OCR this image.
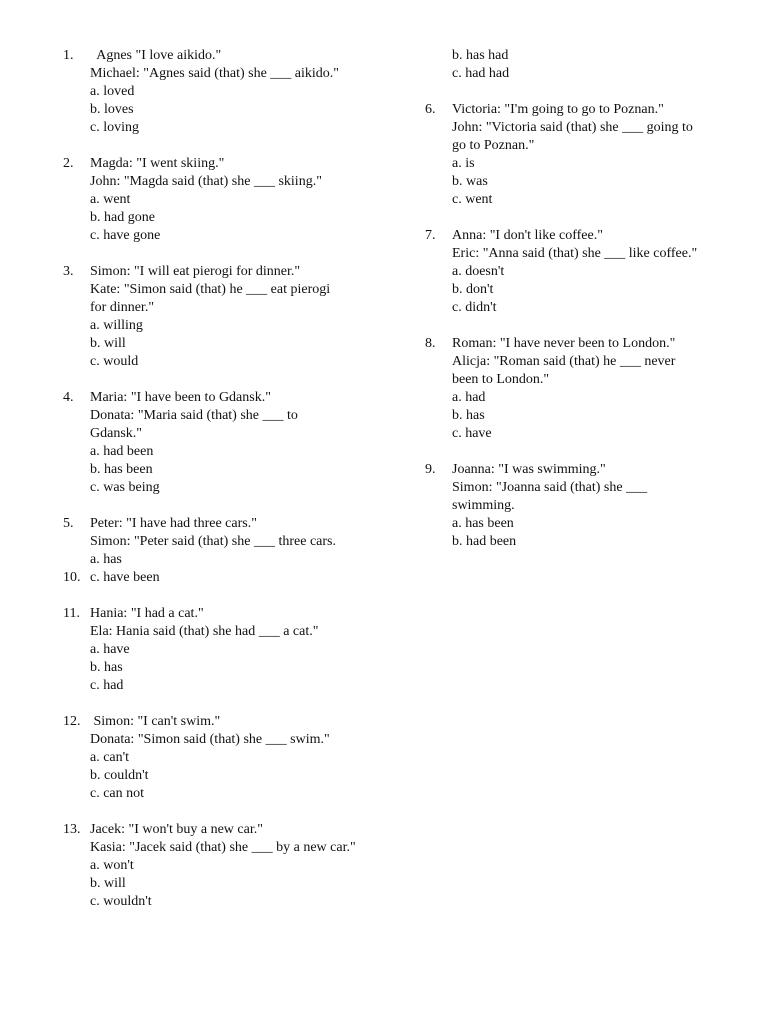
1. Agnes "I love aikido."
Michael: "Agnes said (that) she ___ aikido."
a. loved
b. loves
c. loving
2. Magda: "I went skiing."
John: "Magda said (that) she ___ skiing."
a. went
b. had gone
c. have gone
3. Simon: "I will eat pierogi for dinner."
Kate: "Simon said (that) he ___ eat pierogi
for dinner."
a. willing
b. will
c. would
4. Maria: "I have been to Gdansk."
Donata: "Maria said (that) she ___ to
Gdansk."
a. had been
b. has been
c. was being
5. Peter: "I have had three cars."
Simon: "Peter said (that) she ___ three cars.
a. has
10. c. have been
11. Hania: "I had a cat."
Ela: Hania said (that) she had ___ a cat."
a. have
b. has
c. had
12. Simon: "I can't swim."
Donata: "Simon said (that) she ___ swim."
a. can't
b. couldn't
c. can not
13. Jacek: "I won't buy a new car."
Kasia: "Jacek said (that) she ___ by a new car."
a. won't
b. will
c. wouldn't
b. has had
c. had had
6. Victoria: "I'm going to go to Poznan."
John: "Victoria said (that) she ___ going to
go to Poznan."
a. is
b. was
c. went
7. Anna: "I don't like coffee."
Eric: "Anna said (that) she ___ like coffee."
a. doesn't
b. don't
c. didn't
8. Roman: "I have never been to London."
Alicja: "Roman said (that) he ___ never
been to London."
a. had
b. has
c. have
9. Joanna: "I was swimming."
Simon: "Joanna said (that) she ___
swimming.
a. has been
b. had been
